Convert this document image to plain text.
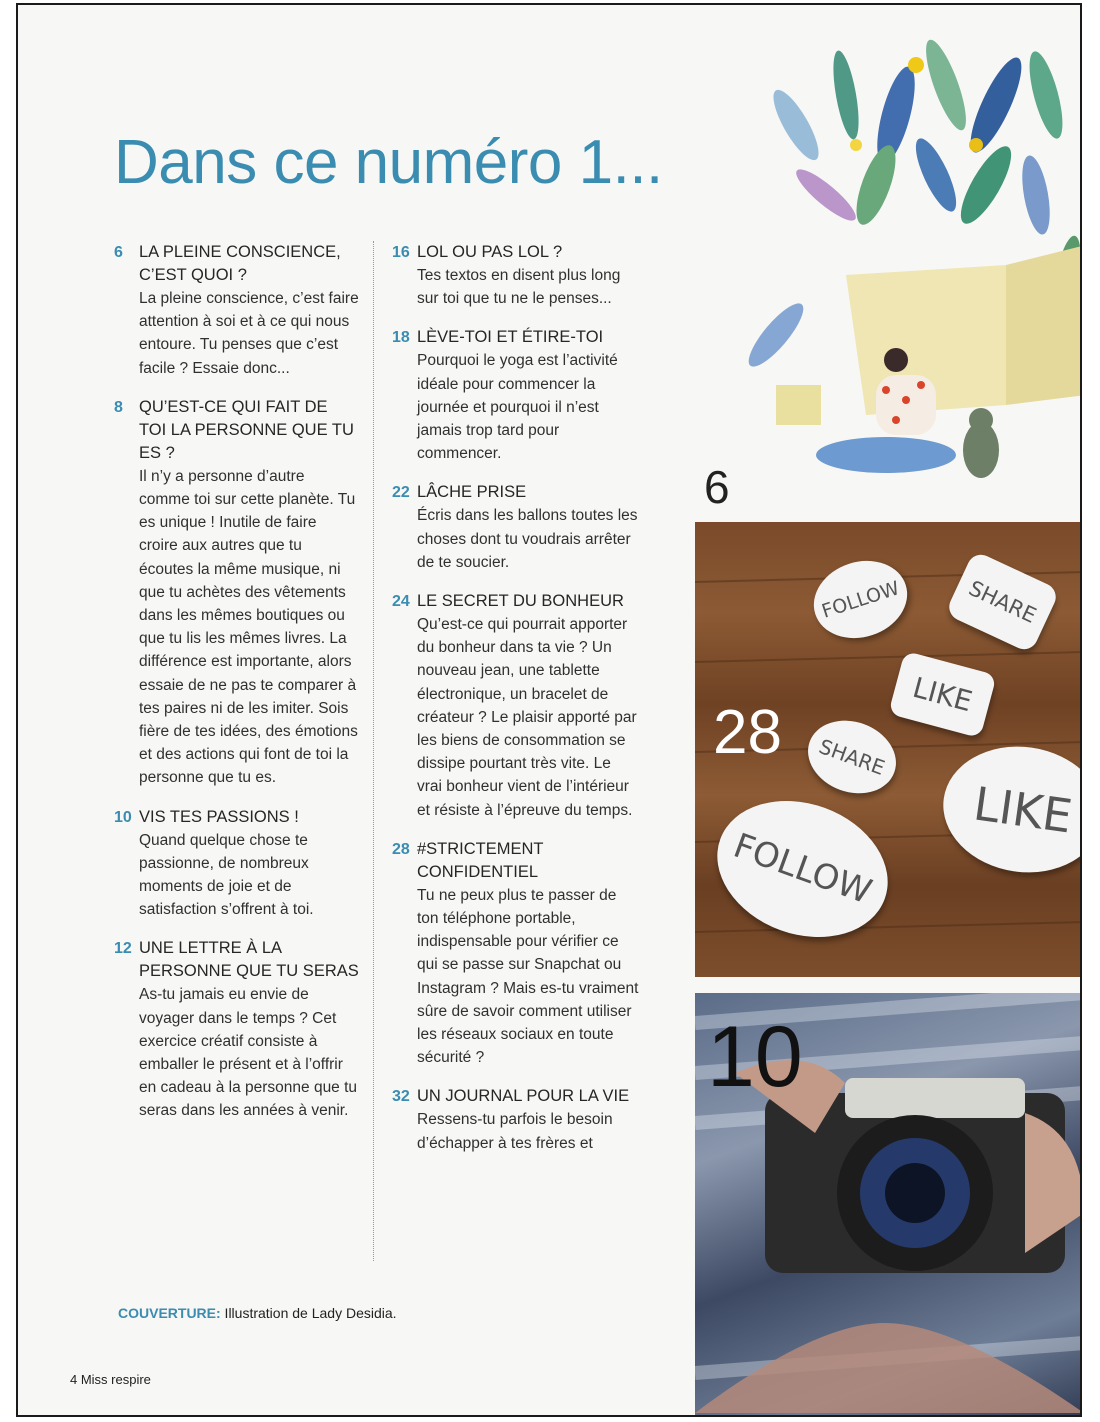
Dans ce numéro 1...
6 LA PLEINE CONSCIENCE, C’EST QUOI ?
La pleine conscience, c’est faire attention à soi et à ce qui nous entoure. Tu penses que c’est facile ? Essaie donc...
8 QU’EST-CE QUI FAIT DE TOI LA PERSONNE QUE TU ES ?
Il n’y a personne d’autre comme toi sur cette planète. Tu es unique ! Inutile de faire croire aux autres que tu écoutes la même musique, ni que tu achètes des vêtements dans les mêmes boutiques ou que tu lis les mêmes livres. La différence est importante, alors essaie de ne pas te comparer à tes paires ni de les imiter. Sois fière de tes idées, des émotions et des actions qui font de toi la personne que tu es.
10 VIS TES PASSIONS !
Quand quelque chose te passionne, de nombreux moments de joie et de satisfaction s’offrent à toi.
12 UNE LETTRE À LA PERSONNE QUE TU SERAS
As-tu jamais eu envie de voyager dans le temps ? Cet exercice créatif consiste à emballer le présent et à l’offrir en cadeau à la personne que tu seras dans les années à venir.
16 LOL OU PAS LOL ?
Tes textos en disent plus long sur toi que tu ne le penses...
18 LÈVE-TOI ET ÉTIRE-TOI
Pourquoi le yoga est l’activité idéale pour commencer la journée et pourquoi il n’est jamais trop tard pour commencer.
22 LÂCHE PRISE
Écris dans les ballons toutes les choses dont tu voudrais arrêter de te soucier.
24 LE SECRET DU BONHEUR
Qu’est-ce qui pourrait apporter du bonheur dans ta vie ? Un nouveau jean, une tablette électronique, un bracelet de créateur ? Le plaisir apporté par les biens de consommation se dissipe pourtant très vite. Le vrai bonheur vient de l’intérieur et résiste à l’épreuve du temps.
28 #STRICTEMENT CONFIDENTIEL
Tu ne peux plus te passer de ton téléphone portable, indispensable pour vérifier ce qui se passe sur Snapchat ou Instagram ? Mais es-tu vraiment sûre de savoir comment utiliser les réseaux sociaux en toute sécurité ?
32 UN JOURNAL POUR LA VIE
Ressens-tu parfois le besoin d’échapper à tes frères et
COUVERTURE: Illustration de Lady Desidia.
4 Miss respire
6
FOLLOW	SHARE
LIKE
SHARE
LIKE
FOLLOW
28
10
